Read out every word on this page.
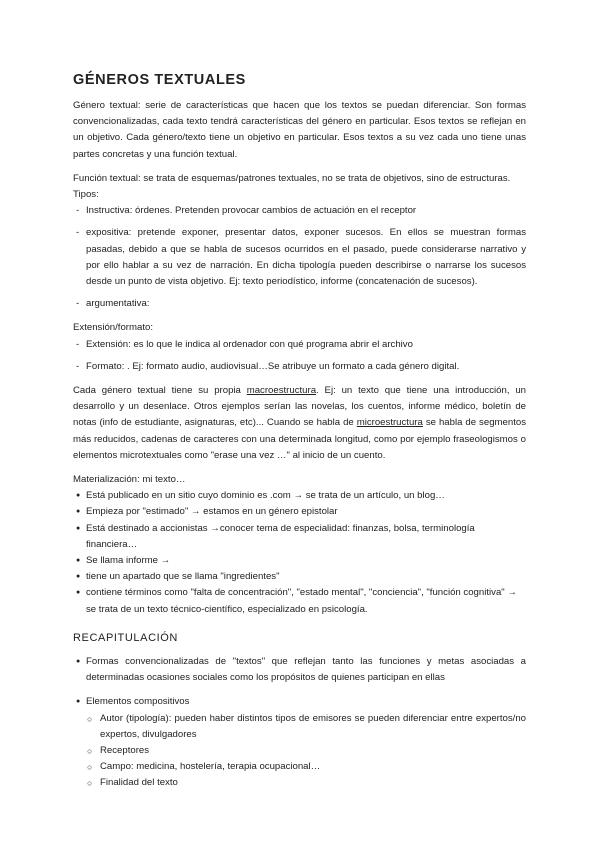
GÉNEROS TEXTUALES

Género textual: serie de características que hacen que los textos se puedan diferenciar. Son formas convencionalizadas, cada texto tendrá características del género en particular. Esos textos se reflejan en un objetivo. Cada género/texto tiene un objetivo en particular. Esos textos a su vez cada uno tiene unas partes concretas y una función textual.

Función textual: se trata de esquemas/patrones textuales, no se trata de objetivos, sino de estructuras. Tipos:

- Instructiva: órdenes. Pretenden provocar cambios de actuación en el receptor
- expositiva: pretende exponer, presentar datos, exponer sucesos. En ellos se muestran formas pasadas, debido a que se habla de sucesos ocurridos en el pasado, puede considerarse narrativo y por ello hablar a su vez de narración. En dicha tipología pueden describirse o narrarse los sucesos desde un punto de vista objetivo. Ej: texto periodístico, informe (concatenación de sucesos).
- argumentativa:

Extensión/formato:

- Extensión: es lo que le indica al ordenador con qué programa abrir el archivo
- Formato: . Ej: formato audio, audiovisual…Se atribuye un formato a cada género digital.

Cada género textual tiene su propia macroestructura. Ej: un texto que tiene una introducción, un desarrollo y un desenlace. Otros ejemplos serían las novelas, los cuentos, informe médico, boletín de notas (info de estudiante, asignaturas, etc)... Cuando se habla de microestructura se habla de segmentos más reducidos, cadenas de caracteres con una determinada longitud, como por ejemplo fraseologismos o elementos microtextuales como "erase una vez …" al inicio de un cuento.

Materialización: mi texto…

● Está publicado en un sitio cuyo dominio es .com → se trata de un artículo, un blog…
● Empieza por "estimado" → estamos en un género epistolar
● Está destinado a accionistas →conocer tema de especialidad: finanzas, bolsa, terminología financiera…
● Se llama informe →
● tiene un apartado que se llama "ingredientes"
● contiene términos como "falta de concentración", "estado mental", "conciencia", "función cognitiva" → se trata de un texto técnico-científico, especializado en psicología.
RECAPITULACIÓN
● Formas convencionalizadas de "textos" que reflejan tanto las funciones y metas asociadas a determinadas ocasiones sociales como los propósitos de quienes participan en ellas
● Elementos compositivos
○ Autor (tipología): pueden haber distintos tipos de emisores se pueden diferenciar entre expertos/no expertos, divulgadores
○ Receptores
○ Campo: medicina, hostelería, terapia ocupacional…
○ Finalidad del texto
